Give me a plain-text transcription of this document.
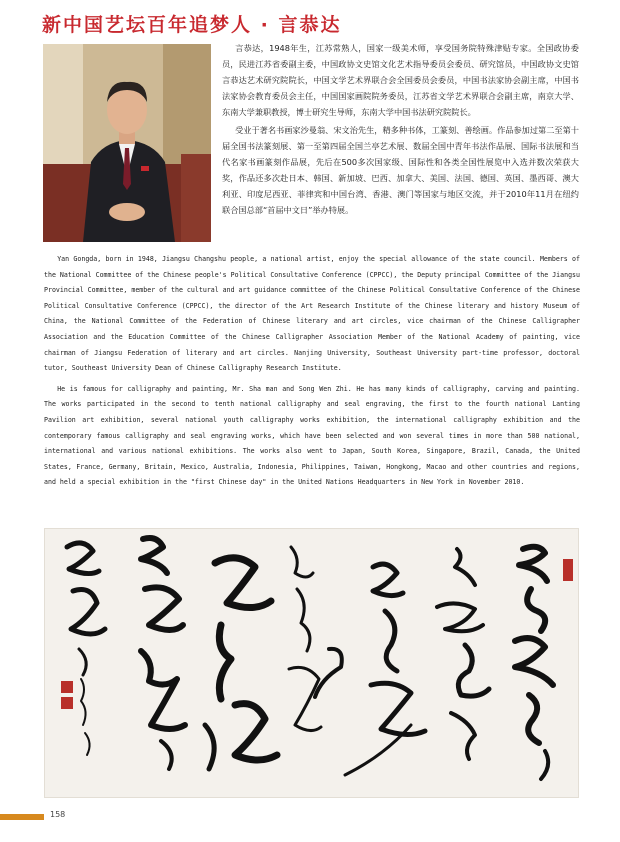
新中国艺坛百年追梦人 · 言恭达

言恭达，1948年生，江苏常熟人，国家一级美术师，享受国务院特殊津贴专家。全国政协委员，民进江苏省委副主委，中国政协文史馆文化艺术指导委员会委员、研究馆员，中国政协文史馆言恭达艺术研究院院长，中国文学艺术界联合会全国委员会委员，中国书法家协会副主席，中国书法家协会教育委员会主任，中国国家画院院务委员，江苏省文学艺术界联合会副主席，南京大学、东南大学兼职教授，博士研究生导师，东南大学中国书法研究院院长。

受业于著名书画家沙曼翁、宋文治先生，精多种书体，工篆刻、善绘画。作品参加过第二至第十届全国书法篆刻展、第一至第四届全国兰亭艺术展、数届全国中青年书法作品展、国际书法展和当代名家书画篆刻作品展，先后在500多次国家级、国际性和各类全国性展览中入选并数次荣获大奖，作品还多次赴日本、韩国、新加坡、巴西、加拿大、美国、法国、德国、英国、墨西哥、澳大利亚、印度尼西亚、菲律宾和中国台湾、香港、澳门等国家与地区交流，并于2010年11月在纽约联合国总部“首届中文日”举办特展。

Yan Gongda, born in 1948, Jiangsu Changshu people, a national artist, enjoy the special allowance of the state council. Members of the National Committee of the Chinese people's Political Consultative Conference (CPPCC), the Deputy principal Committee of the Jiangsu Provincial Committee, member of the cultural and art guidance committee of the Chinese Political Consultative Conference of the Chinese Political Consultative Conference (CPPCC), the director of the Art Research Institute of the Chinese literary and history Museum of China, the National Committee of the Federation of Chinese literary and art circles, vice chairman of the Chinese Calligrapher Association and the Education Committee of the Chinese Calligrapher Association Member of the National Academy of painting, vice chairman of Jiangsu Federation of literary and art circles. Nanjing University, Southeast University part-time professor, doctoral tutor, Southeast University Dean of Chinese Calligraphy Research Institute.

He is famous for calligraphy and painting, Mr. Sha man and Song Wen Zhi. He has many kinds of calligraphy, carving and painting. The works participated in the second to tenth national calligraphy and seal engraving, the first to the fourth national Lanting Pavilion art exhibition, several national youth calligraphy works exhibition, the international calligraphy exhibition and the contemporary famous calligraphy and seal engraving works, which have been selected and won several times in more than 500 national, international and various national exhibitions. The works also went to Japan, South Korea, Singapore, Brazil, Canada, the United States, France, Germany, Britain, Mexico, Australia, Indonesia, Philippines, Taiwan, Hongkong, Macao and other countries and regions, and held a special exhibition in the "first Chinese day" in the United Nations Headquarters in New York in November 2010.

158
